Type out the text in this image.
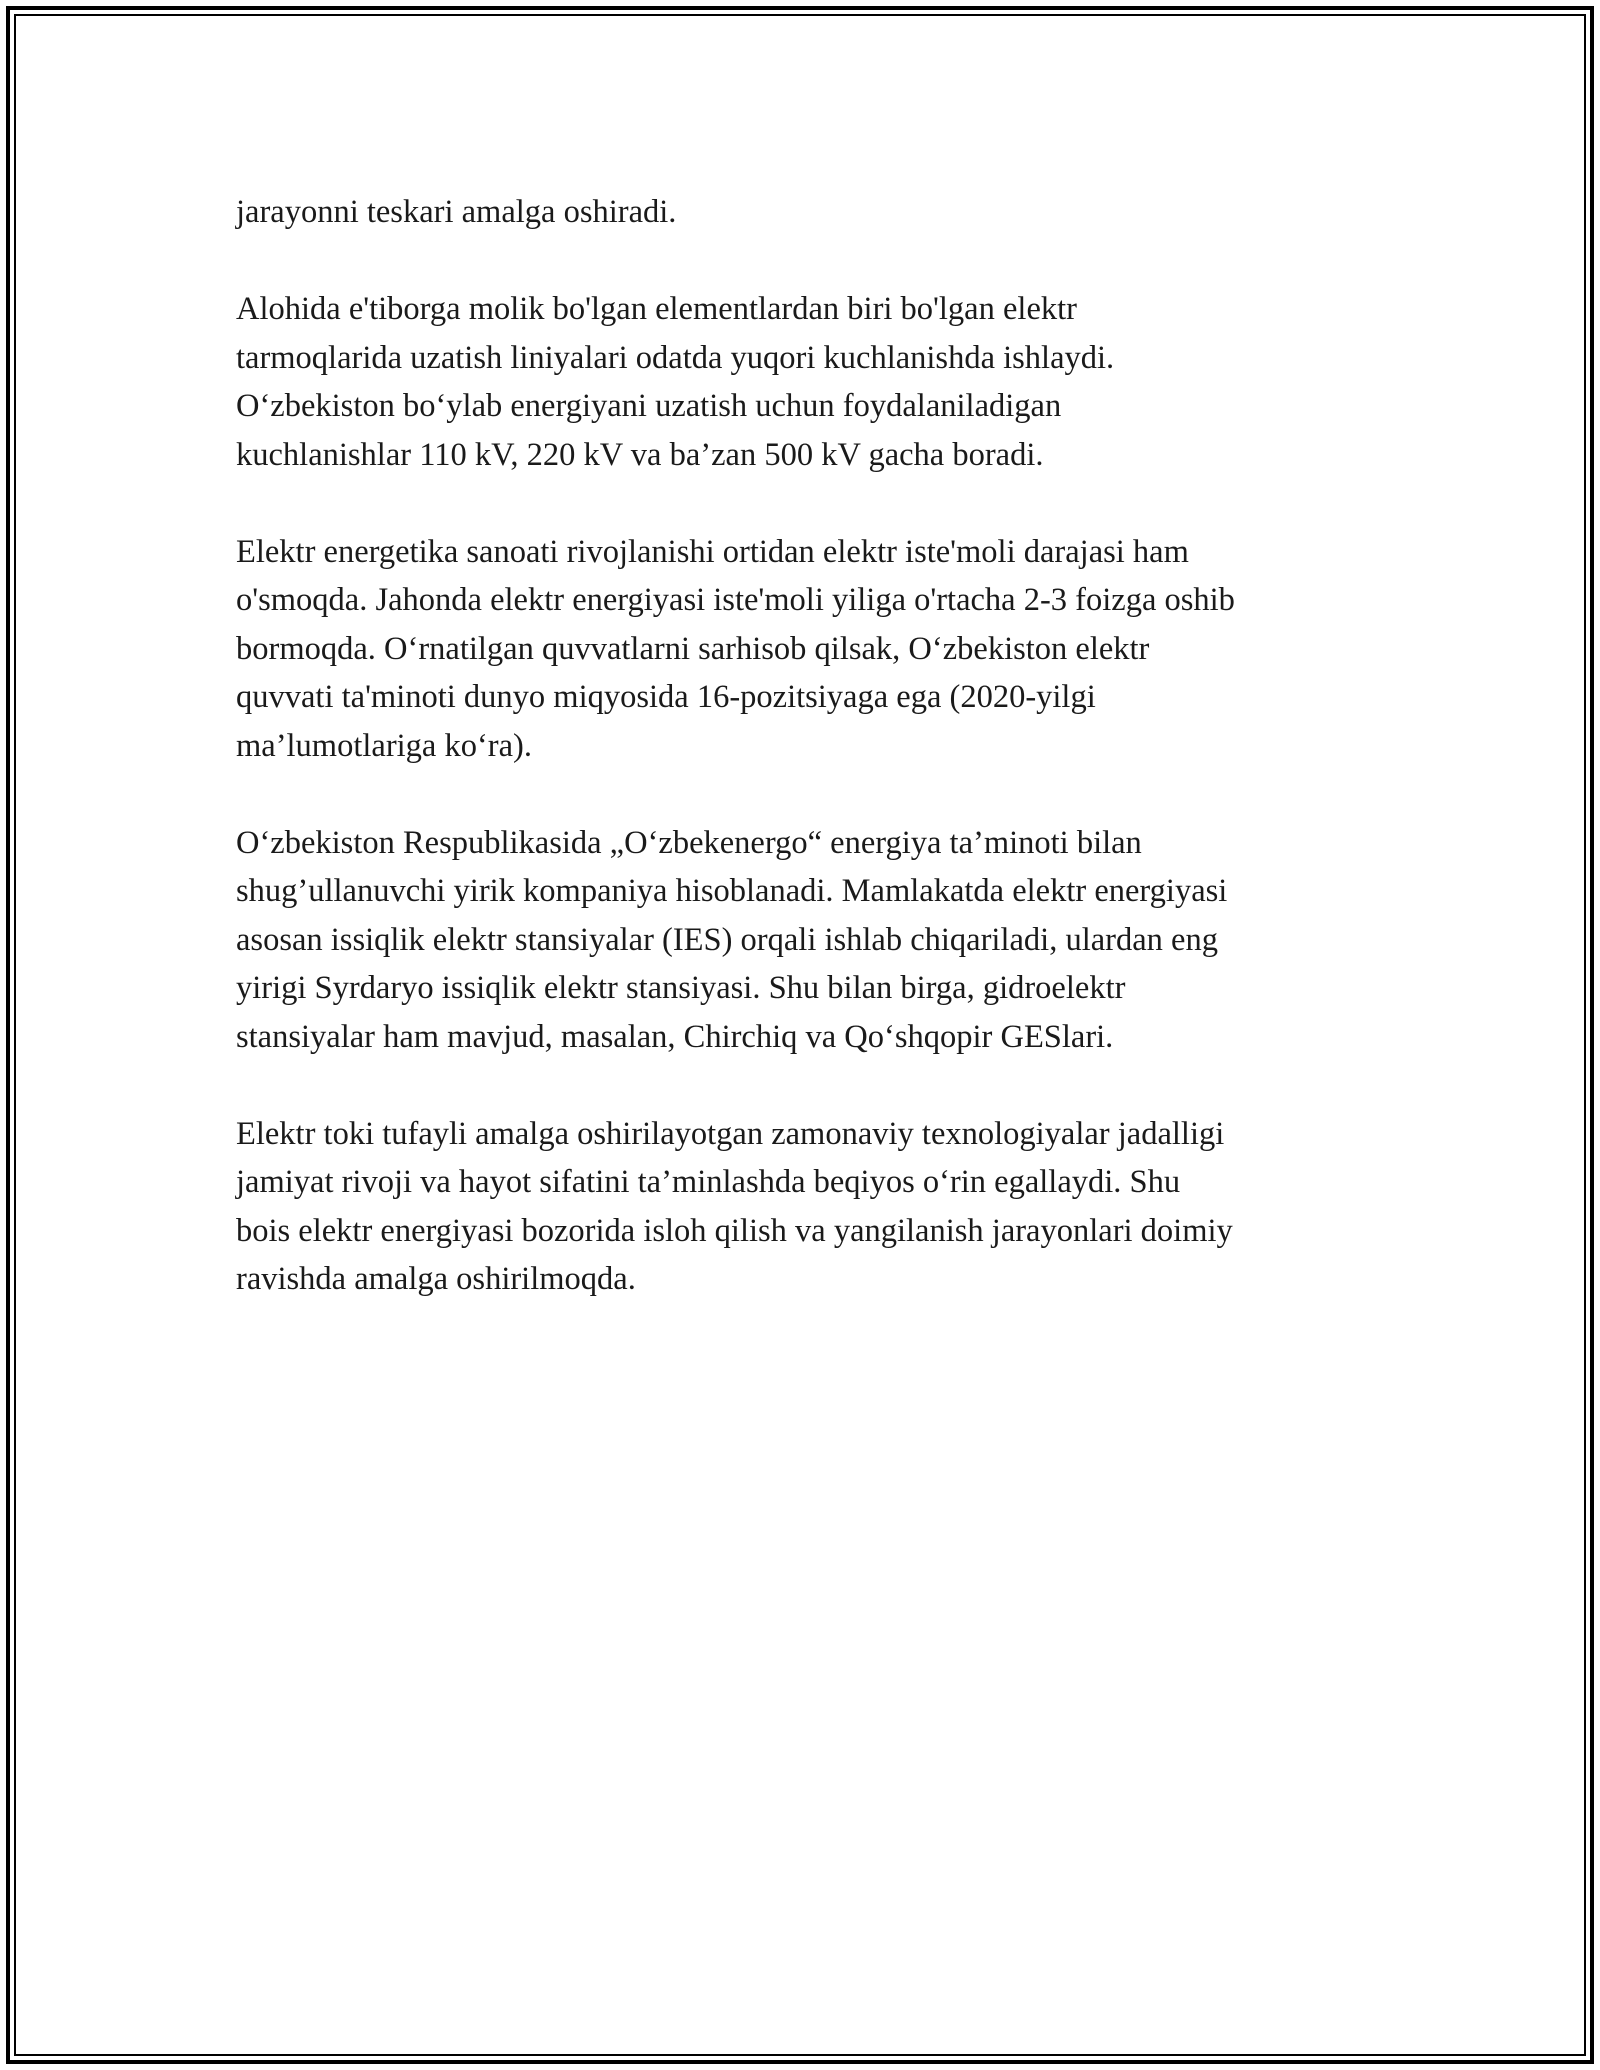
jarayonni teskari amalga oshiradi.

Alohida e'tiborga molik bo'lgan elementlardan biri bo'lgan elektr
tarmoqlarida uzatish liniyalari odatda yuqori kuchlanishda ishlaydi.
O‘zbekiston bo‘ylab energiyani uzatish uchun foydalaniladigan
kuchlanishlar 110 kV, 220 kV va ba’zan 500 kV gacha boradi.

Elektr energetika sanoati rivojlanishi ortidan elektr iste'moli darajasi ham
o'smoqda. Jahonda elektr energiyasi iste'moli yiliga o'rtacha 2-3 foizga oshib
bormoqda. O‘rnatilgan quvvatlarni sarhisob qilsak, O‘zbekiston elektr
quvvati ta'minoti dunyo miqyosida 16-pozitsiyaga ega (2020-yilgi
ma’lumotlariga ko‘ra).

O‘zbekiston Respublikasida „O‘zbekenergo“ energiya ta’minoti bilan
shug’ullanuvchi yirik kompaniya hisoblanadi. Mamlakatda elektr energiyasi
asosan issiqlik elektr stansiyalar (IES) orqali ishlab chiqariladi, ulardan eng
yirigi Syrdaryo issiqlik elektr stansiyasi. Shu bilan birga, gidroelektr
stansiyalar ham mavjud, masalan, Chirchiq va Qo‘shqopir GESlari.

Elektr toki tufayli amalga oshirilayotgan zamonaviy texnologiyalar jadalligi
jamiyat rivoji va hayot sifatini ta’minlashda beqiyos o‘rin egallaydi. Shu
bois elektr energiyasi bozorida isloh qilish va yangilanish jarayonlari doimiy
ravishda amalga oshirilmoqda.
